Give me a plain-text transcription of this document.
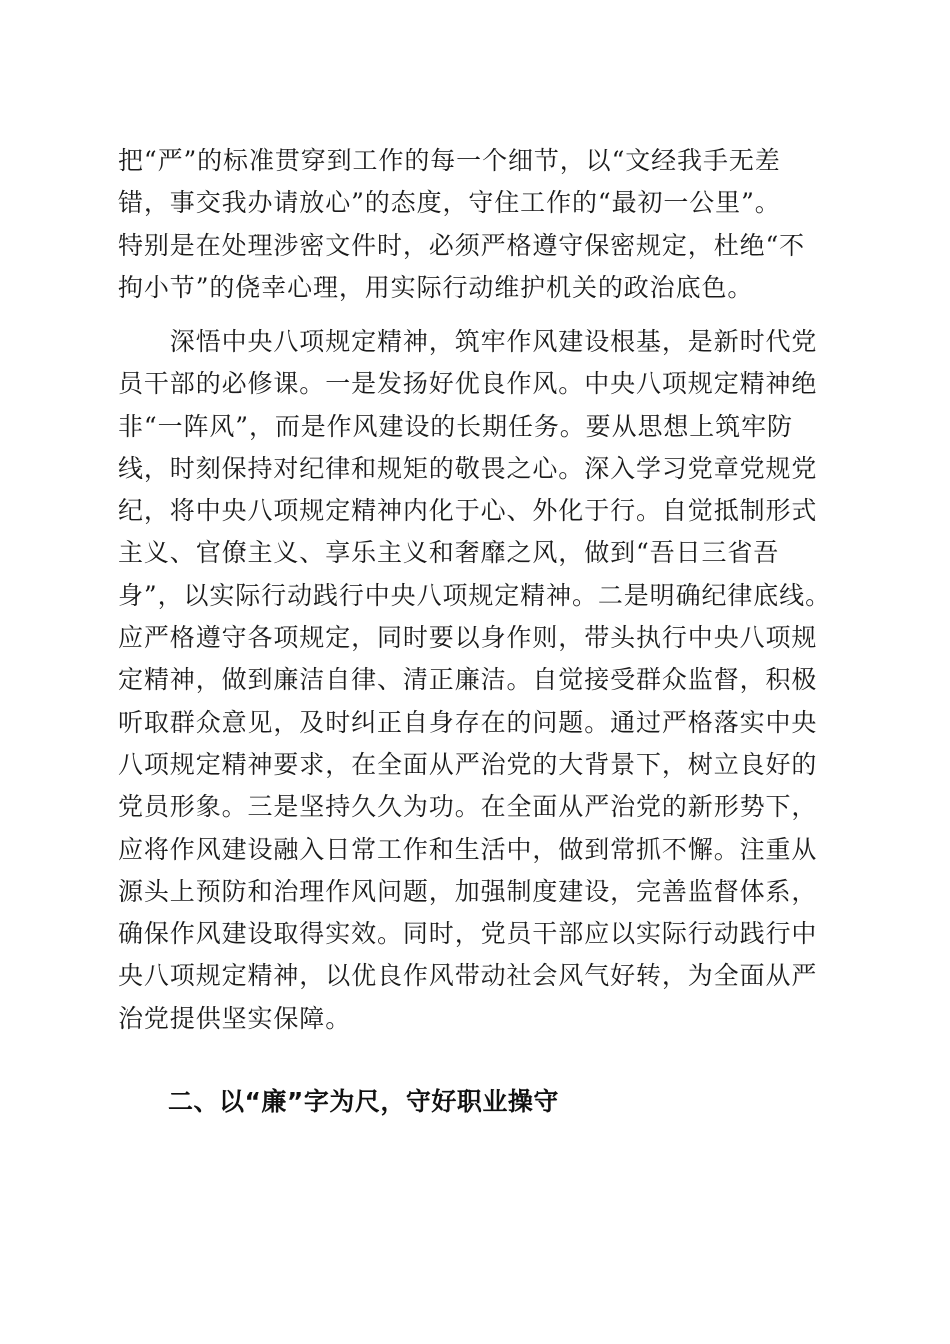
把“严”的标准贯穿到工作的每一个细节，以“文经我手无差
错，事交我办请放心”的态度，守住工作的“最初一公里”。
特别是在处理涉密文件时，必须严格遵守保密规定，杜绝“不
拘小节”的侥幸心理，用实际行动维护机关的政治底色。
　　深悟中央八项规定精神，筑牢作风建设根基，是新时代党
员干部的必修课。一是发扬好优良作风。中央八项规定精神绝
非“一阵风”，而是作风建设的长期任务。要从思想上筑牢防
线，时刻保持对纪律和规矩的敬畏之心。深入学习党章党规党
纪，将中央八项规定精神内化于心、外化于行。自觉抵制形式
主义、官僚主义、享乐主义和奢靡之风，做到“吾日三省吾
身”，以实际行动践行中央八项规定精神。二是明确纪律底线。
应严格遵守各项规定，同时要以身作则，带头执行中央八项规
定精神，做到廉洁自律、清正廉洁。自觉接受群众监督，积极
听取群众意见，及时纠正自身存在的问题。通过严格落实中央
八项规定精神要求，在全面从严治党的大背景下，树立良好的
党员形象。三是坚持久久为功。在全面从严治党的新形势下，
应将作风建设融入日常工作和生活中，做到常抓不懈。注重从
源头上预防和治理作风问题，加强制度建设，完善监督体系，
确保作风建设取得实效。同时，党员干部应以实际行动践行中
央八项规定精神，以优良作风带动社会风气好转，为全面从严
治党提供坚实保障。
二、以“廉”字为尺，守好职业操守
